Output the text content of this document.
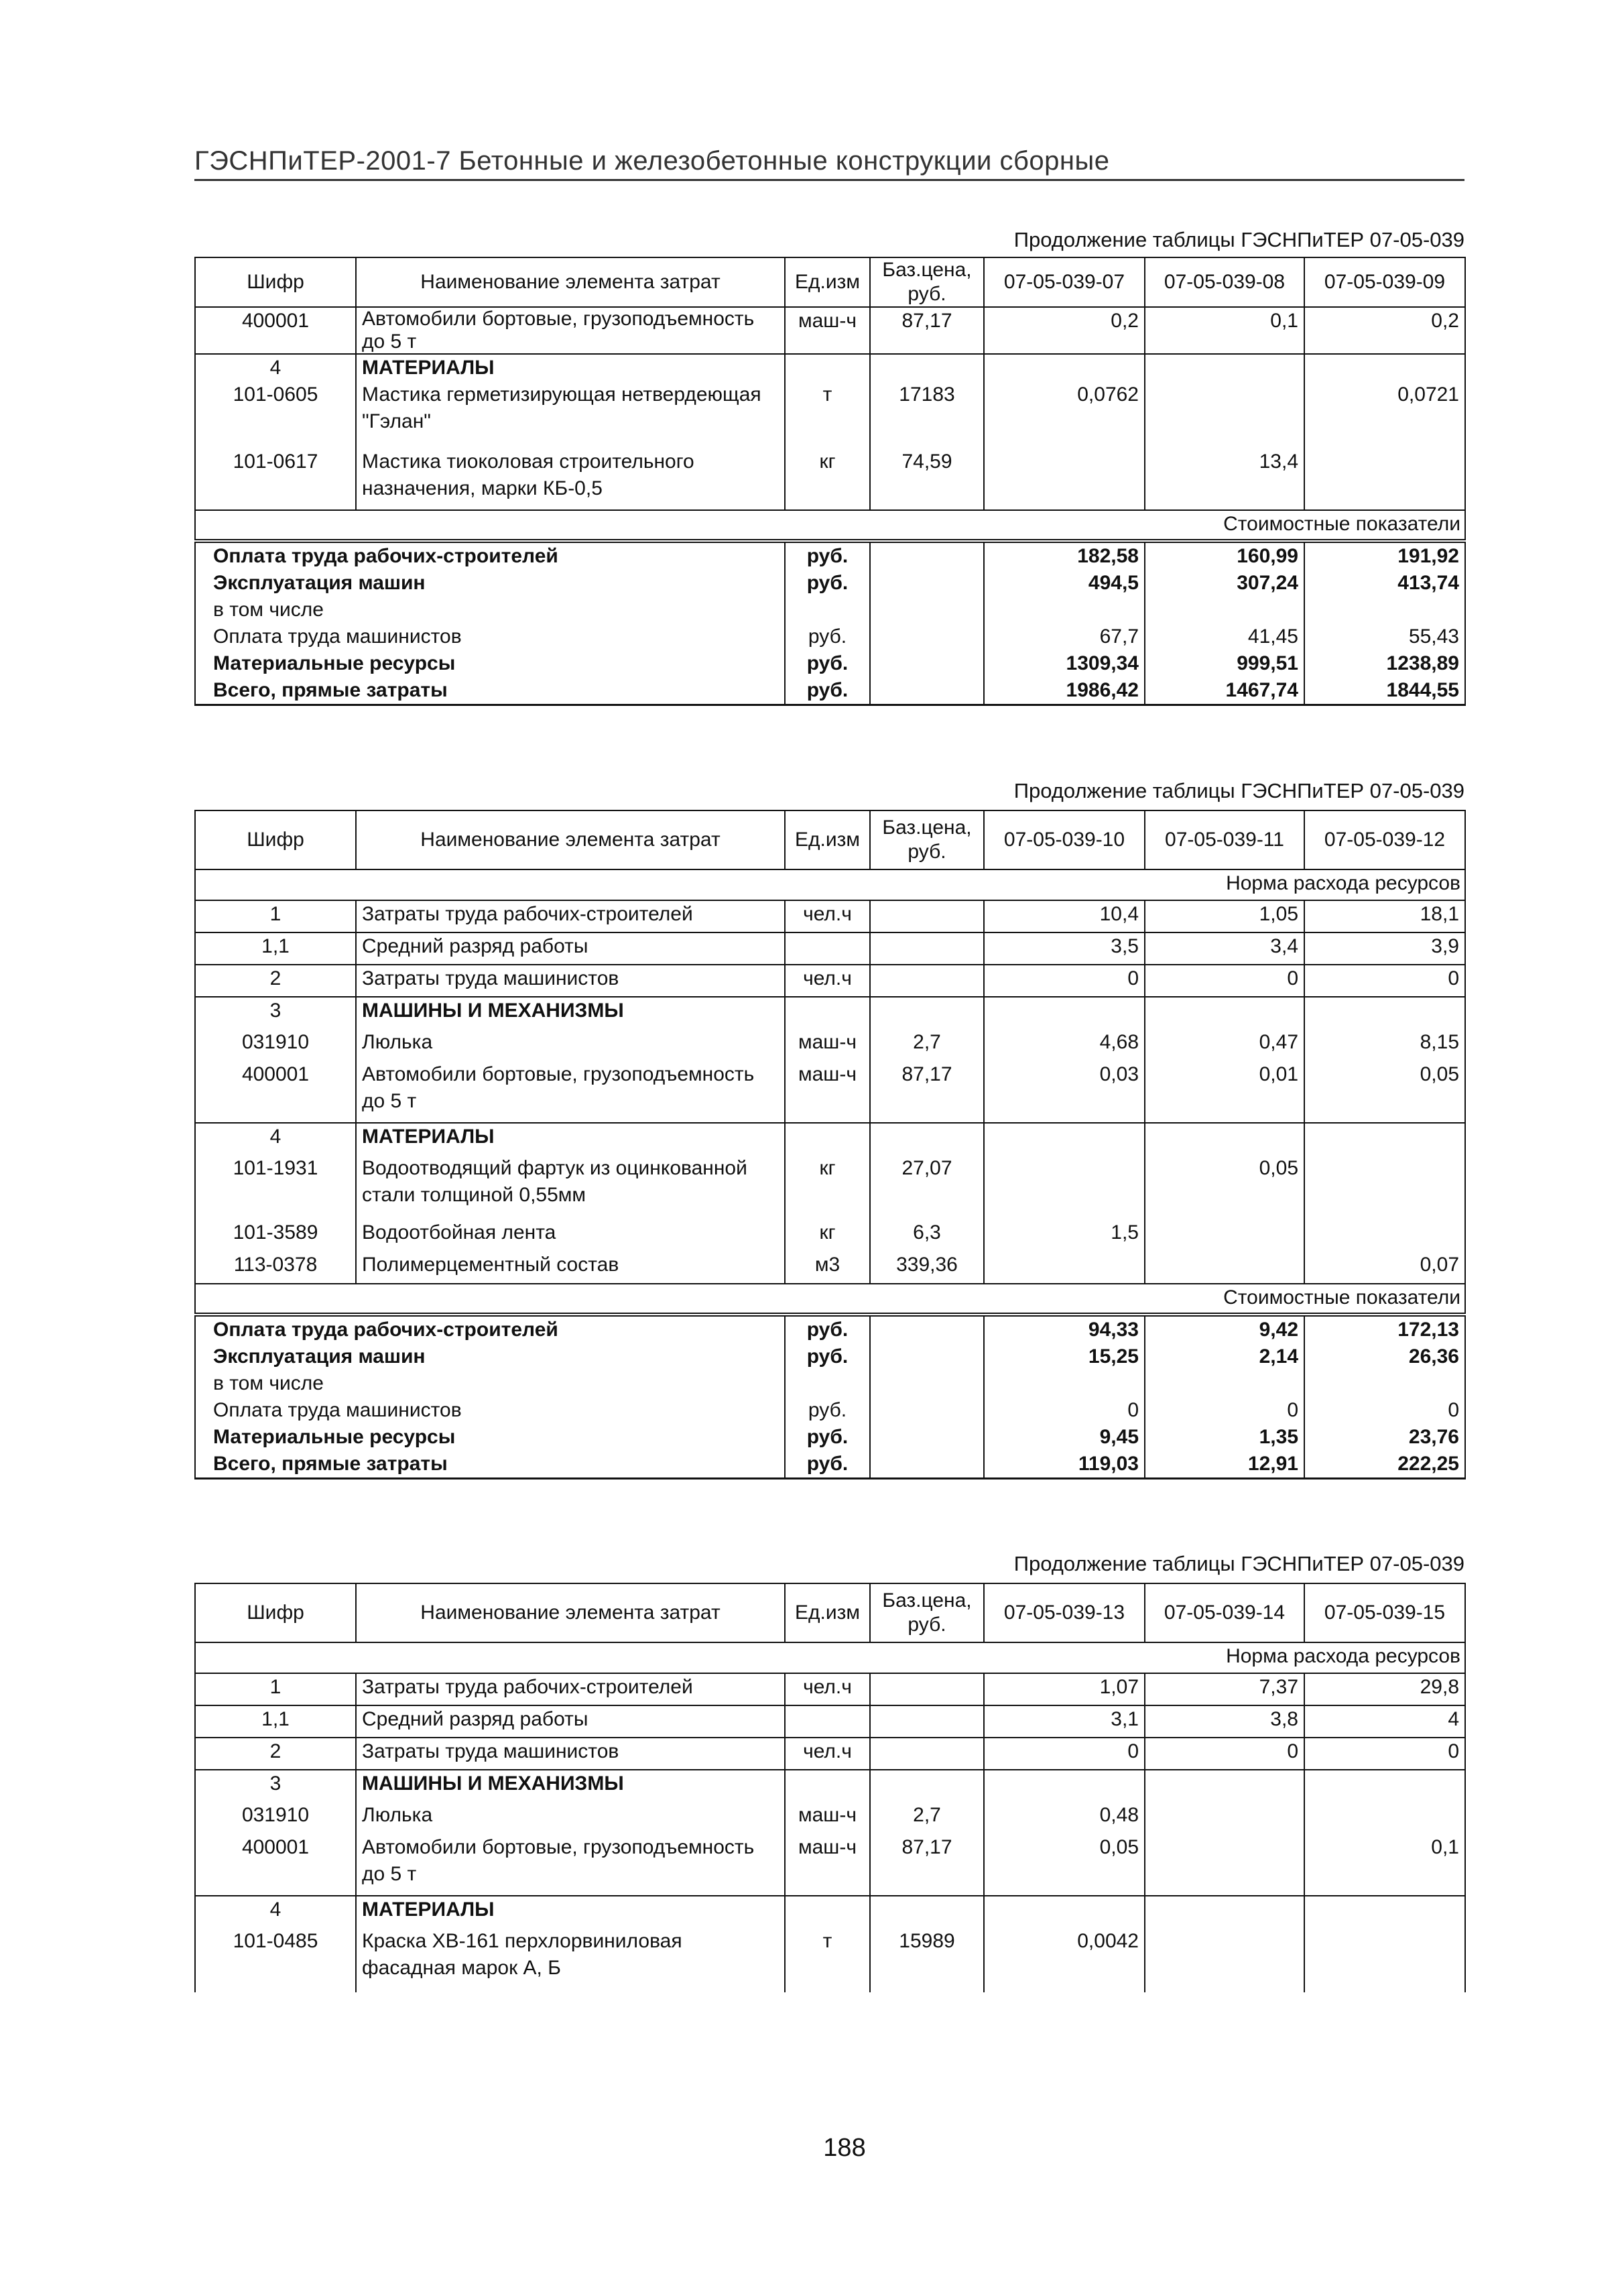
ГЭСНПиТЕР-2001-7 Бетонные и железобетонные конструкции сборные
Продолжение таблицы ГЭСНПиТЕР 07-05-039
Шифр	Наименование элемента затрат	Ед.изм	Баз.цена, руб.	07-05-039-07	07-05-039-08	07-05-039-09
400001	Автомобили бортовые, грузоподъемность до 5 т	маш-ч	87,17	0,2	0,1	0,2
4	МАТЕРИАЛЫ					
101-0605	Мастика герметизирующая нетвердеющая "Гэлан"	т	17183	0,0762		0,0721
101-0617	Мастика тиоколовая строительного назначения, марки КБ-0,5	кг	74,59		13,4	
Стоимостные показатели						

Оплата труда рабочих-строителей		руб.		182,58	160,99	191,92
Эксплуатация машин		руб.		494,5	307,24	413,74
в том числе						
Оплата труда машинистов		руб.		67,7	41,45	55,43
Материальные ресурсы		руб.		1309,34	999,51	1238,89
Всего, прямые затраты		руб.		1986,42	1467,74	1844,55
Продолжение таблицы ГЭСНПиТЕР 07-05-039
Шифр	Наименование элемента затрат	Ед.изм	Баз.цена, руб.	07-05-039-10	07-05-039-11	07-05-039-12
Норма расхода ресурсов						
1	Затраты труда рабочих-строителей	чел.ч		10,4	1,05	18,1
1,1	Средний разряд работы			3,5	3,4	3,9
2	Затраты труда машинистов	чел.ч		0	0	0
3	МАШИНЫ И МЕХАНИЗМЫ					
031910	Люлька	маш-ч	2,7	4,68	0,47	8,15
400001	Автомобили бортовые, грузоподъемность до 5 т	маш-ч	87,17	0,03	0,01	0,05
4	МАТЕРИАЛЫ					
101-1931	Водоотводящий фартук из оцинкованной стали толщиной 0,55мм	кг	27,07		0,05	
101-3589	Водоотбойная лента	кг	6,3	1,5		
113-0378	Полимерцементный состав	м3	339,36			0,07
Стоимостные показатели						

Оплата труда рабочих-строителей		руб.		94,33	9,42	172,13
Эксплуатация машин		руб.		15,25	2,14	26,36
в том числе						
Оплата труда машинистов		руб.		0	0	0
Материальные ресурсы		руб.		9,45	1,35	23,76
Всего, прямые затраты		руб.		119,03	12,91	222,25
Продолжение таблицы ГЭСНПиТЕР 07-05-039
Шифр	Наименование элемента затрат	Ед.изм	Баз.цена, руб.	07-05-039-13	07-05-039-14	07-05-039-15
Норма расхода ресурсов						
1	Затраты труда рабочих-строителей	чел.ч		1,07	7,37	29,8
1,1	Средний разряд работы			3,1	3,8	4
2	Затраты труда машинистов	чел.ч		0	0	0
3	МАШИНЫ И МЕХАНИЗМЫ					
031910	Люлька	маш-ч	2,7	0,48		
400001	Автомобили бортовые, грузоподъемность до 5 т	маш-ч	87,17	0,05		0,1
4	МАТЕРИАЛЫ					
101-0485	Краска ХВ-161 перхлорвиниловая фасадная марок А, Б	т	15989	0,0042		
188
